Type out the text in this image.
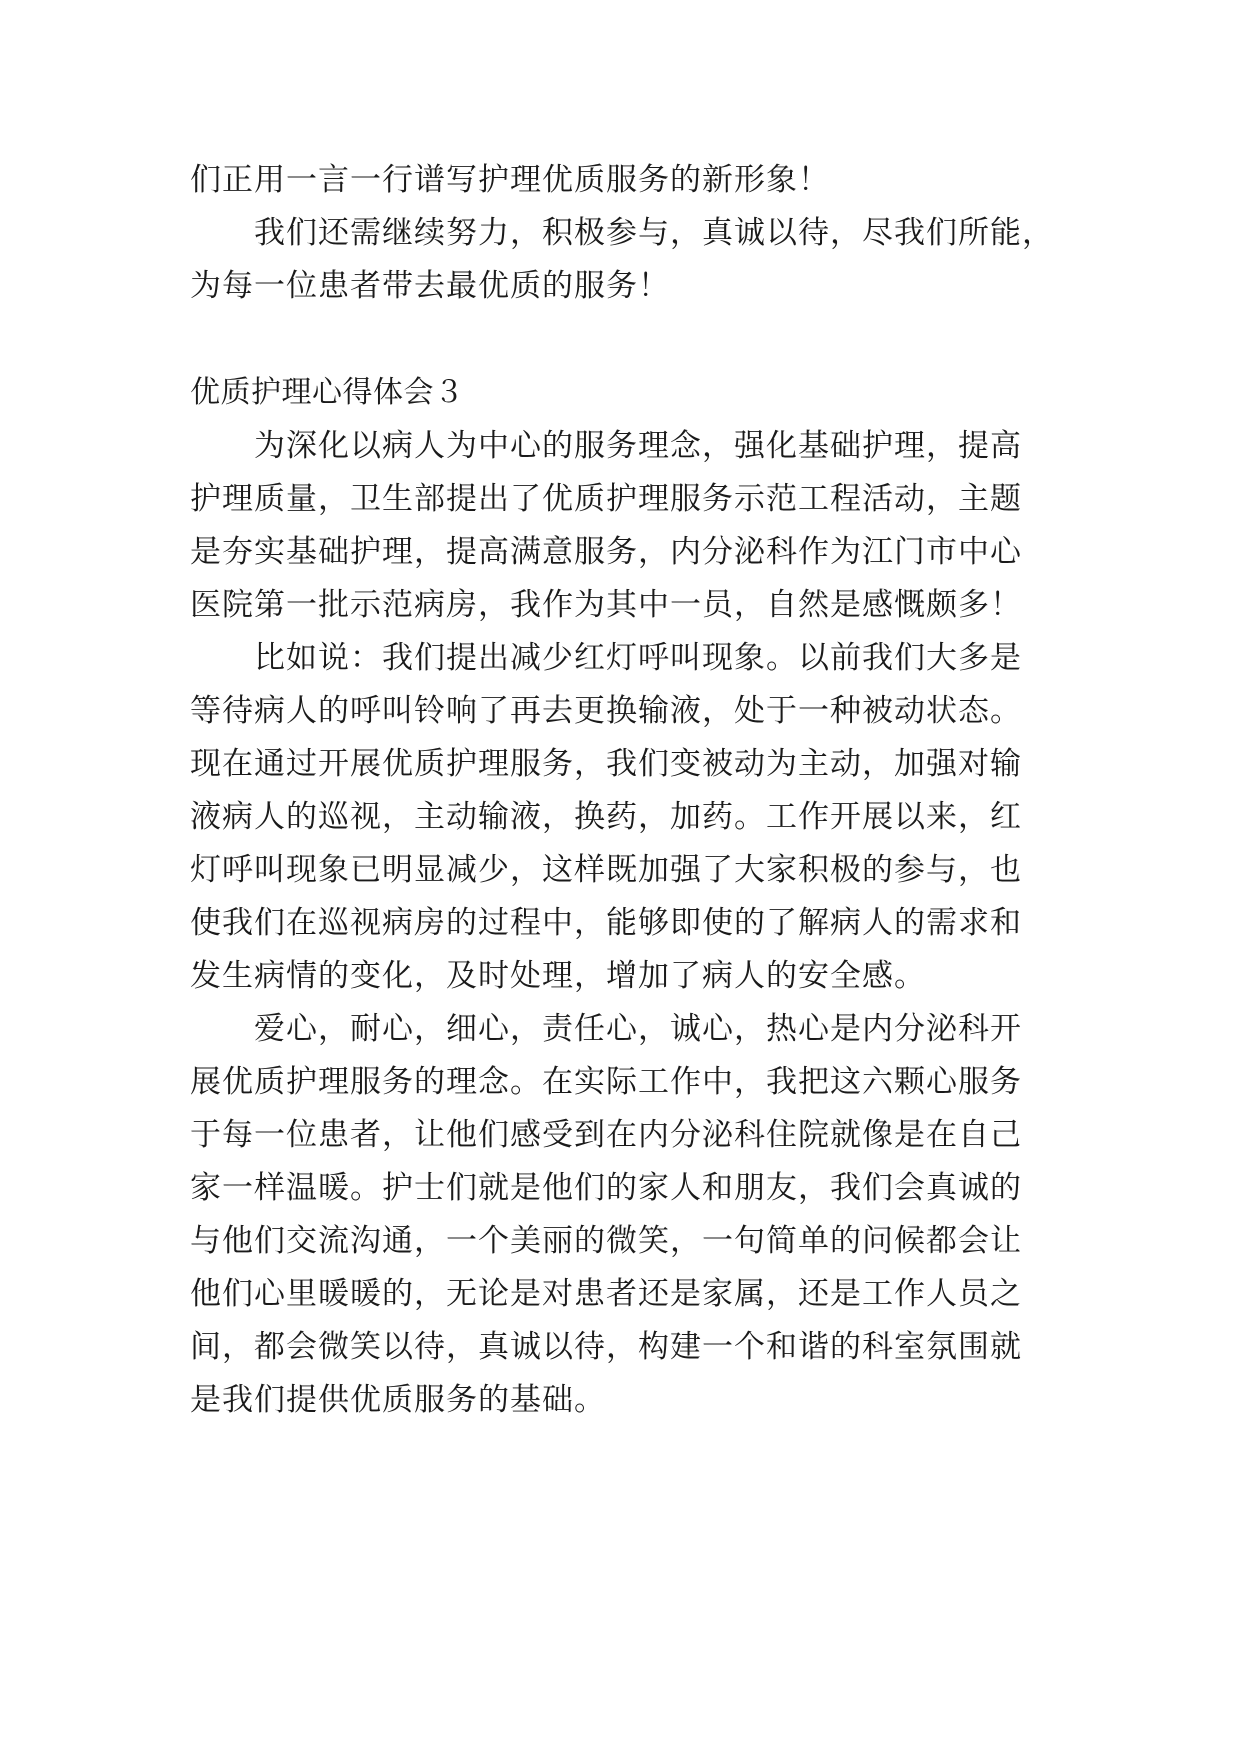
们正用一言一行谱写护理优质服务的新形象！
我们还需继续努力，积极参与，真诚以待，尽我们所能，
为每一位患者带去最优质的服务！
优质护理心得体会３
为深化以病人为中心的服务理念，强化基础护理，提高
护理质量，卫生部提出了优质护理服务示范工程活动，主题
是夯实基础护理，提高满意服务，内分泌科作为江门市中心
医院第一批示范病房，我作为其中一员，自然是感慨颇多！
比如说：我们提出减少红灯呼叫现象。以前我们大多是
等待病人的呼叫铃响了再去更换输液，处于一种被动状态。
现在通过开展优质护理服务，我们变被动为主动，加强对输
液病人的巡视，主动输液，换药，加药。工作开展以来，红
灯呼叫现象已明显减少，这样既加强了大家积极的参与，也
使我们在巡视病房的过程中，能够即使的了解病人的需求和
发生病情的变化，及时处理，增加了病人的安全感。
爱心，耐心，细心，责任心，诚心，热心是内分泌科开
展优质护理服务的理念。在实际工作中，我把这六颗心服务
于每一位患者，让他们感受到在内分泌科住院就像是在自己
家一样温暖。护士们就是他们的家人和朋友，我们会真诚的
与他们交流沟通，一个美丽的微笑，一句简单的问候都会让
他们心里暖暖的，无论是对患者还是家属，还是工作人员之
间，都会微笑以待，真诚以待，构建一个和谐的科室氛围就
是我们提供优质服务的基础。
